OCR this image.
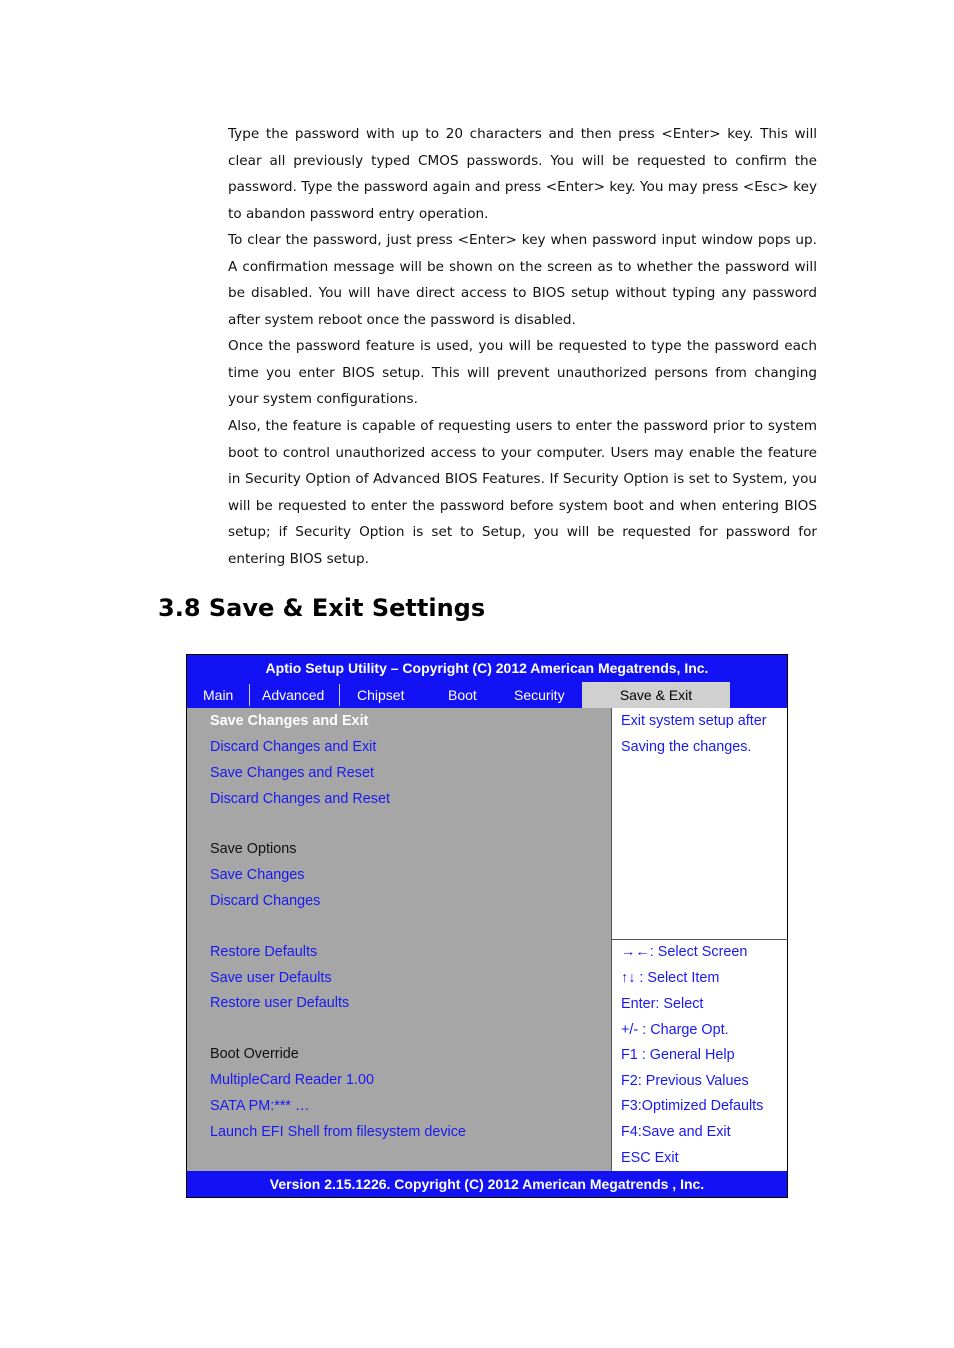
Type the password with up to 20 characters and then press <Enter> key. This will clear all previously typed CMOS passwords. You will be requested to confirm the password. Type the password again and press <Enter> key. You may press <Esc> key to abandon password entry operation.

To clear the password, just press <Enter> key when password input window pops up. A confirmation message will be shown on the screen as to whether the password will be disabled. You will have direct access to BIOS setup without typing any password after system reboot once the password is disabled.

Once the password feature is used, you will be requested to type the password each time you enter BIOS setup. This will prevent unauthorized persons from changing your system configurations.

Also, the feature is capable of requesting users to enter the password prior to system boot to control unauthorized access to your computer. Users may enable the feature in Security Option of Advanced BIOS Features. If Security Option is set to System, you will be requested to enter the password before system boot and when entering BIOS setup; if Security Option is set to Setup, you will be requested for password for entering BIOS setup.

3.8 Save & Exit Settings
Aptio Setup Utility – Copyright (C) 2012 American Megatrends, Inc.
Main Advanced Chipset	Boot	Security	Save & Exit
Save Changes and Exit
Discard Changes and Exit
Save Changes and Reset
Discard Changes and Reset
Save Options
Save Changes
Discard Changes
Restore Defaults
Save user Defaults
Restore user Defaults
Boot Override
MultipleCard Reader 1.00
SATA PM:*** …
Launch EFI Shell from filesystem device
Exit system setup after
Saving the changes.
→←: Select Screen
↑↓ : Select Item
Enter: Select
+/- : Charge Opt.
F1 : General Help
F2: Previous Values
F3:Optimized Defaults
F4:Save and Exit
ESC Exit
Version 2.15.1226. Copyright (C) 2012 American Megatrends , Inc.
